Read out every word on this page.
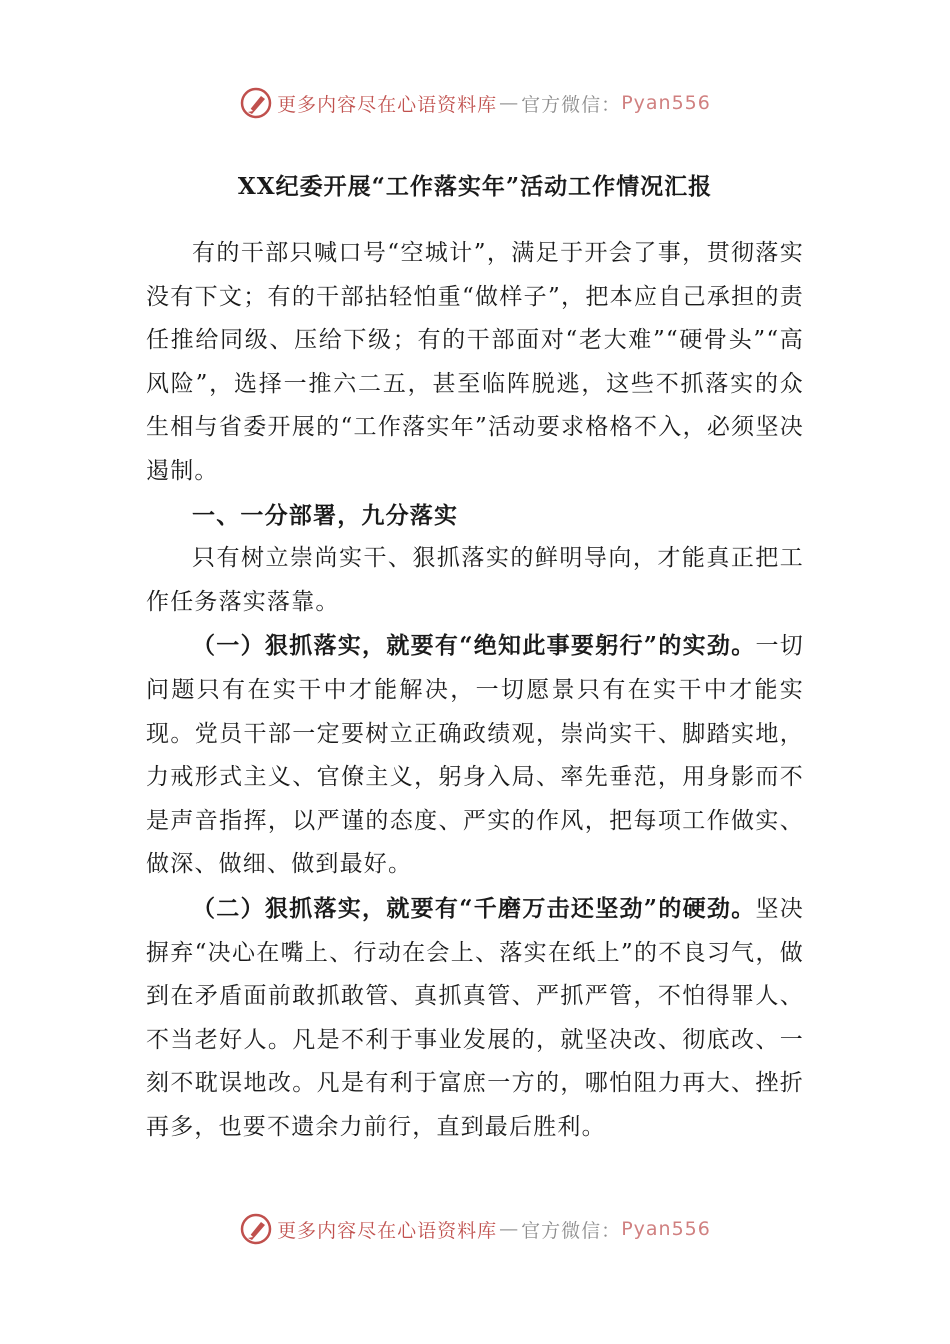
更多内容尽在心语资料库 — 官方微信： Pyan556
XX纪委开展“工作落实年”活动工作情况汇报

有的干部只喊口号“空城计”，满足于开会了事，贯彻落实没有下文；有的干部拈轻怕重“做样子”，把本应自己承担的责任推给同级、压给下级；有的干部面对“老大难”“硬骨头”“高风险”，选择一推六二五，甚至临阵脱逃，这些不抓落实的众生相与省委开展的“工作落实年”活动要求格格不入，必须坚决遏制。

一、一分部署，九分落实

只有树立崇尚实干、狠抓落实的鲜明导向，才能真正把工作任务落实落靠。

（一）狠抓落实，就要有“绝知此事要躬行”的实劲。一切问题只有在实干中才能解决，一切愿景只有在实干中才能实现。党员干部一定要树立正确政绩观，崇尚实干、脚踏实地，力戒形式主义、官僚主义，躬身入局、率先垂范，用身影而不是声音指挥，以严谨的态度、严实的作风，把每项工作做实、做深、做细、做到最好。

（二）狠抓落实，就要有“千磨万击还坚劲”的硬劲。坚决摒弃“决心在嘴上、行动在会上、落实在纸上”的不良习气，做到在矛盾面前敢抓敢管、真抓真管、严抓严管，不怕得罪人、不当老好人。凡是不利于事业发展的，就坚决改、彻底改、一刻不耽误地改。凡是有利于富庶一方的，哪怕阻力再大、挫折再多，也要不遗余力前行，直到最后胜利。

更多内容尽在心语资料库 — 官方微信： Pyan556
